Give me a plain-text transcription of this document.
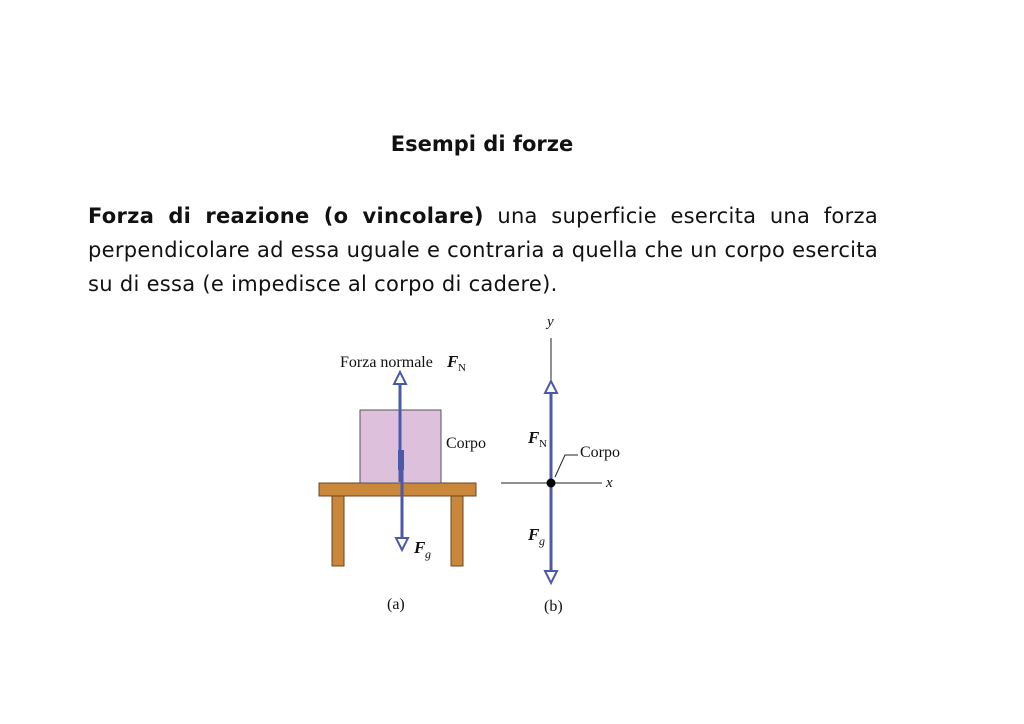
Esempi di forze
Forza di reazione (o vincolare) una superficie esercita una forza perpendicolare ad essa uguale e contraria a quella che un corpo esercita su di essa (e impedisce al corpo di cadere).
Forza normale F N
Corpo
F g
(a)
y
x
Corpo
F N
F g
(b)
